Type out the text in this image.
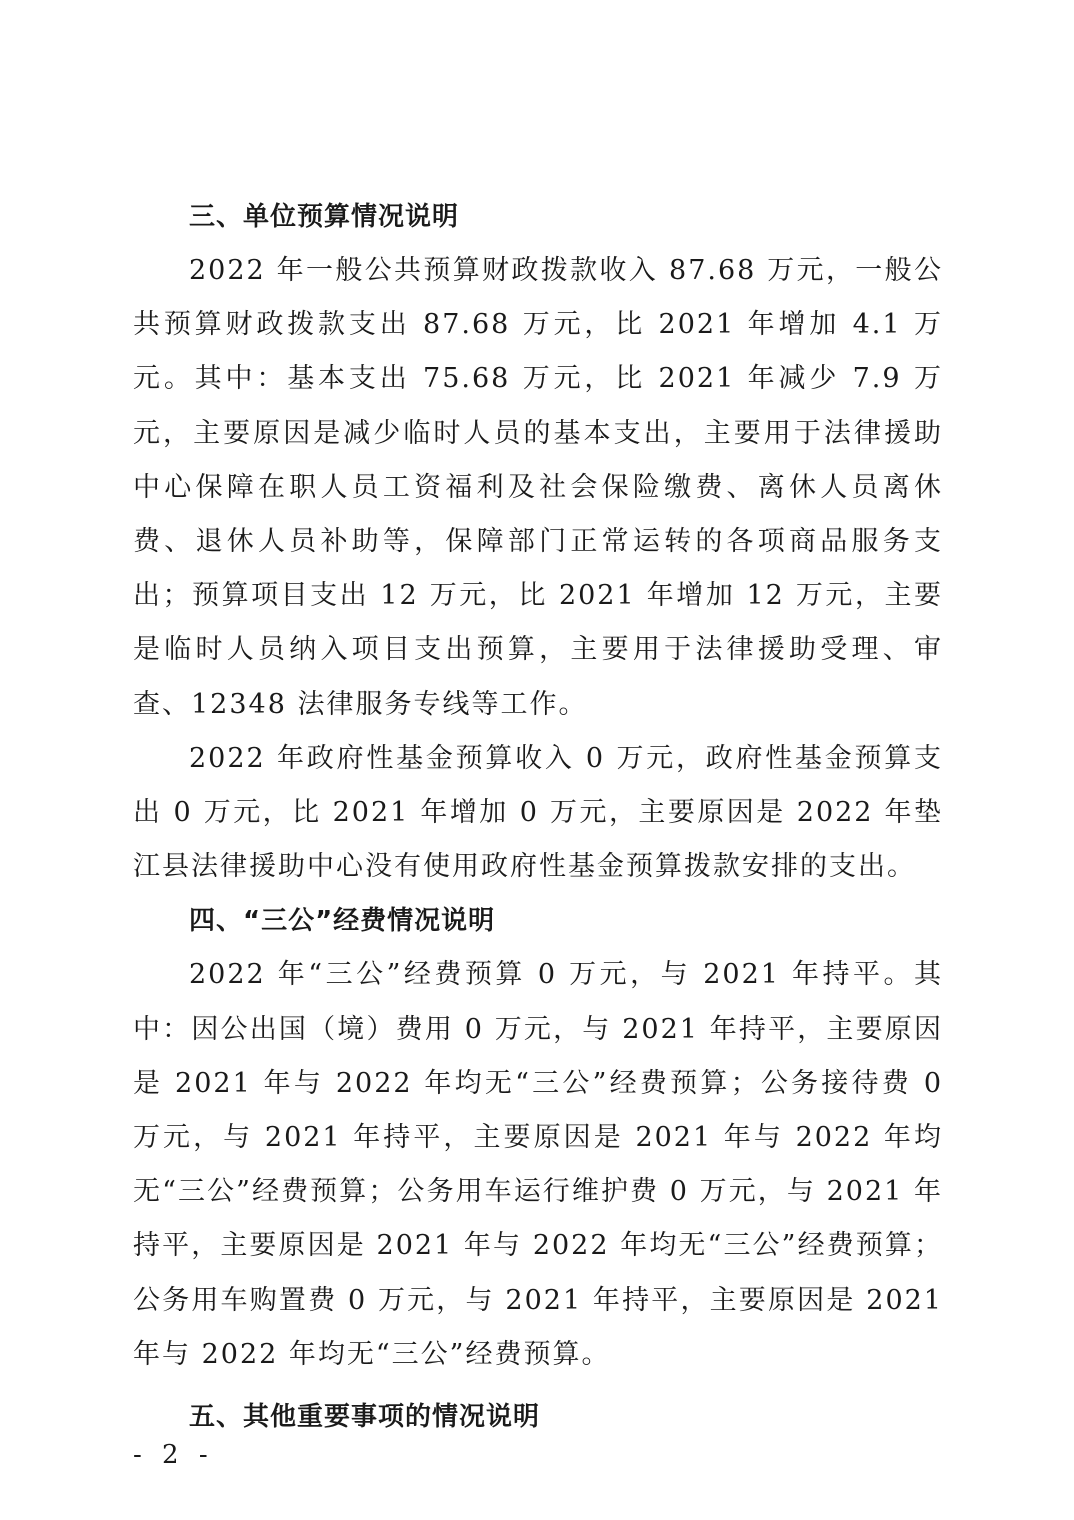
三、单位预算情况说明

2022 年一般公共预算财政拨款收入 87.68 万元，一般公共预算财政拨款支出 87.68 万元，比 2021 年增加 4.1 万元。其中：基本支出 75.68 万元，比 2021 年减少 7.9 万元，主要原因是减少临时人员的基本支出，主要用于法律援助中心保障在职人员工资福利及社会保险缴费、离休人员离休费、退休人员补助等，保障部门正常运转的各项商品服务支出；预算项目支出 12 万元，比 2021 年增加 12 万元，主要是临时人员纳入项目支出预算，主要用于法律援助受理、审查、12348 法律服务专线等工作。

2022 年政府性基金预算收入 0 万元，政府性基金预算支出 0 万元，比 2021 年增加 0 万元，主要原因是 2022 年垫江县法律援助中心没有使用政府性基金预算拨款安排的支出。

四、“三公”经费情况说明

2022 年“三公”经费预算 0 万元，与 2021 年持平。其中：因公出国（境）费用 0 万元，与 2021 年持平，主要原因是 2021 年与 2022 年均无“三公”经费预算；公务接待费 0 万元，与 2021 年持平，主要原因是 2021 年与 2022 年均无“三公”经费预算；公务用车运行维护费 0 万元，与 2021 年持平，主要原因是 2021 年与 2022 年均无“三公”经费预算；公务用车购置费 0 万元，与 2021 年持平，主要原因是 2021 年与 2022 年均无“三公”经费预算。

五、其他重要事项的情况说明
- 2 -
